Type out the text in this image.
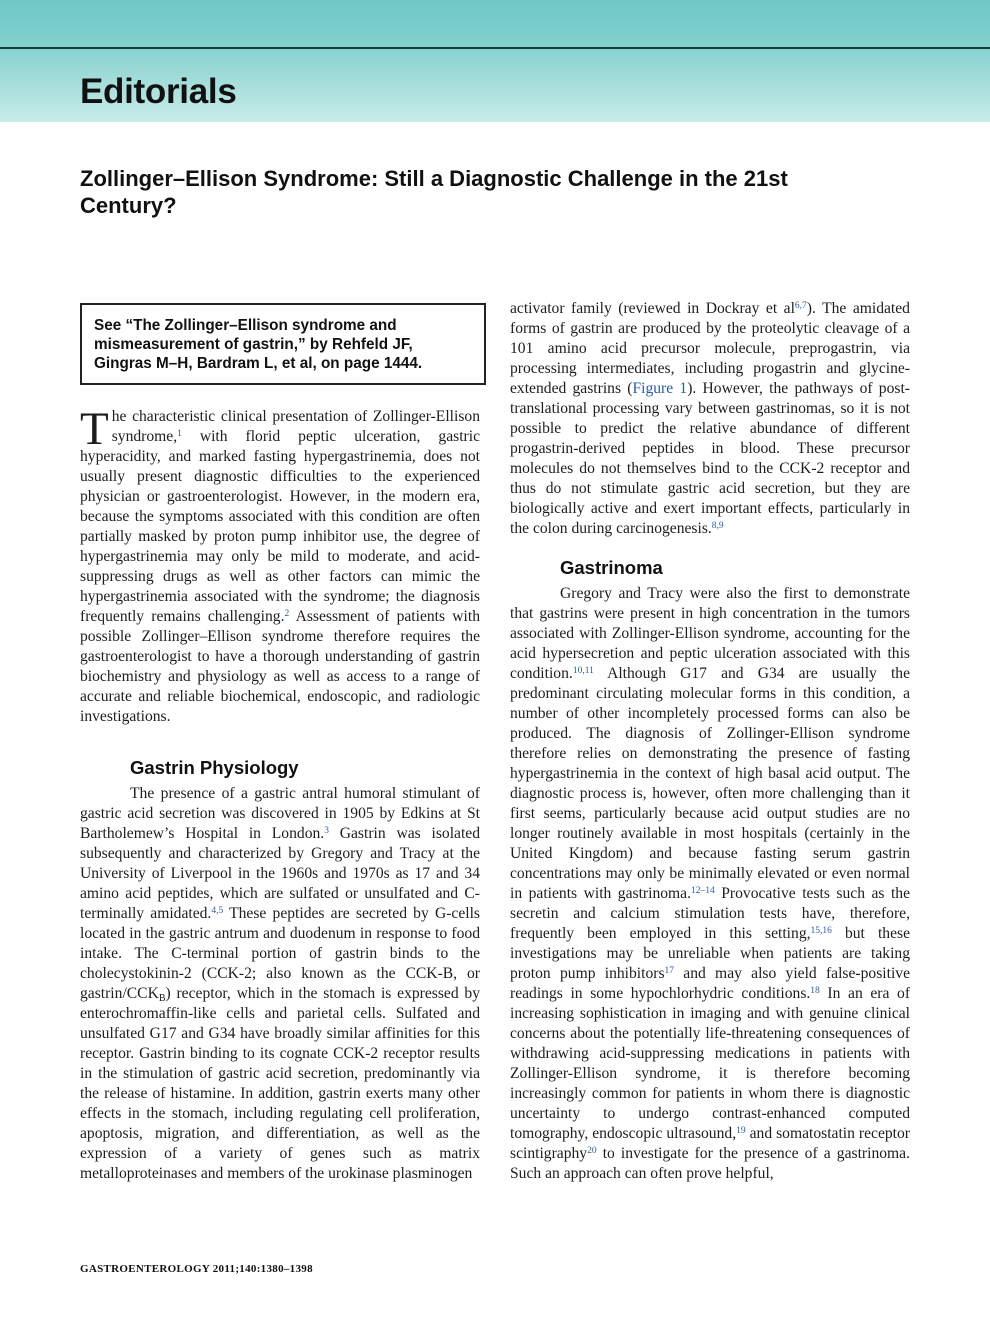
Editorials
Zollinger–Ellison Syndrome: Still a Diagnostic Challenge in the 21st Century?
See “The Zollinger–Ellison syndrome and mismeasurement of gastrin,” by Rehfeld JF, Gingras M–H, Bardram L, et al, on page 1444.

The characteristic clinical presentation of Zollinger-Ellison syndrome,$^1$ with florid peptic ulceration, gastric hyperacidity, and marked fasting hypergastrinemia, does not usually present diagnostic difficulties to the experienced physician or gastroenterologist. However, in the modern era, because the symptoms associated with this condition are often partially masked by proton pump inhibitor use, the degree of hypergastrinemia may only be mild to moderate, and acid-suppressing drugs as well as other factors can mimic the hypergastrinemia associated with the syndrome; the diagnosis frequently remains challenging.$^2$ Assessment of patients with possible Zollinger–Ellison syndrome therefore requires the gastroenterologist to have a thorough understanding of gastrin biochemistry and physiology as well as access to a range of accurate and reliable biochemical, endoscopic, and radiologic investigations.

Gastrin Physiology

The presence of a gastric antral humoral stimulant of gastric acid secretion was discovered in 1905 by Edkins at St Bartholemew’s Hospital in London.$^3$ Gastrin was isolated subsequently and characterized by Gregory and Tracy at the University of Liverpool in the 1960s and 1970s as 17 and 34 amino acid peptides, which are sulfated or unsulfated and C-terminally amidated.$^{4,5}$ These peptides are secreted by G-cells located in the gastric antrum and duodenum in response to food intake. The C-terminal portion of gastrin binds to the cholecystokinin-2 (CCK-2; also known as the CCK-B, or gastrin/$CCK_B$) receptor, which in the stomach is expressed by enterochromaffin-like cells and parietal cells. Sulfated and unsulfated G17 and G34 have broadly similar affinities for this receptor. Gastrin binding to its cognate CCK-2 receptor results in the stimulation of gastric acid secretion, predominantly via the release of histamine. In addition, gastrin exerts many other effects in the stomach, including regulating cell proliferation, apoptosis, migration, and differentiation, as well as the expression of a variety of genes such as matrix metalloproteinases and members of the urokinase plasminogen

activator family (reviewed in Dockray et al$^{6,7}$). The amidated forms of gastrin are produced by the proteolytic cleavage of a 101 amino acid precursor molecule, preprogastrin, via processing intermediates, including progastrin and glycine-extended gastrins (Figure 1). However, the pathways of post-translational processing vary between gastrinomas, so it is not possible to predict the relative abundance of different progastrin-derived peptides in blood. These precursor molecules do not themselves bind to the CCK-2 receptor and thus do not stimulate gastric acid secretion, but they are biologically active and exert important effects, particularly in the colon during carcinogenesis.$^{8,9}$

Gastrinoma

Gregory and Tracy were also the first to demonstrate that gastrins were present in high concentration in the tumors associated with Zollinger-Ellison syndrome, accounting for the acid hypersecretion and peptic ulceration associated with this condition.$^{10,11}$ Although G17 and G34 are usually the predominant circulating molecular forms in this condition, a number of other incompletely processed forms can also be produced. The diagnosis of Zollinger-Ellison syndrome therefore relies on demonstrating the presence of fasting hypergastrinemia in the context of high basal acid output. The diagnostic process is, however, often more challenging than it first seems, particularly because acid output studies are no longer routinely available in most hospitals (certainly in the United Kingdom) and because fasting serum gastrin concentrations may only be minimally elevated or even normal in patients with gastrinoma.$^{12-14}$ Provocative tests such as the secretin and calcium stimulation tests have, therefore, frequently been employed in this setting,$^{15,16}$ but these investigations may be unreliable when patients are taking proton pump inhibitors$^{17}$ and may also yield false-positive readings in some hypochlorhydric conditions.$^{18}$ In an era of increasing sophistication in imaging and with genuine clinical concerns about the potentially life-threatening consequences of withdrawing acid-suppressing medications in patients with Zollinger-Ellison syndrome, it is therefore becoming increasingly common for patients in whom there is diagnostic uncertainty to undergo contrast-enhanced computed tomography, endoscopic ultrasound,$^{19}$ and somatostatin receptor scintigraphy$^{20}$ to investigate for the presence of a gastrinoma. Such an approach can often prove helpful,

GASTROENTEROLOGY 2011;140:1380–1398
